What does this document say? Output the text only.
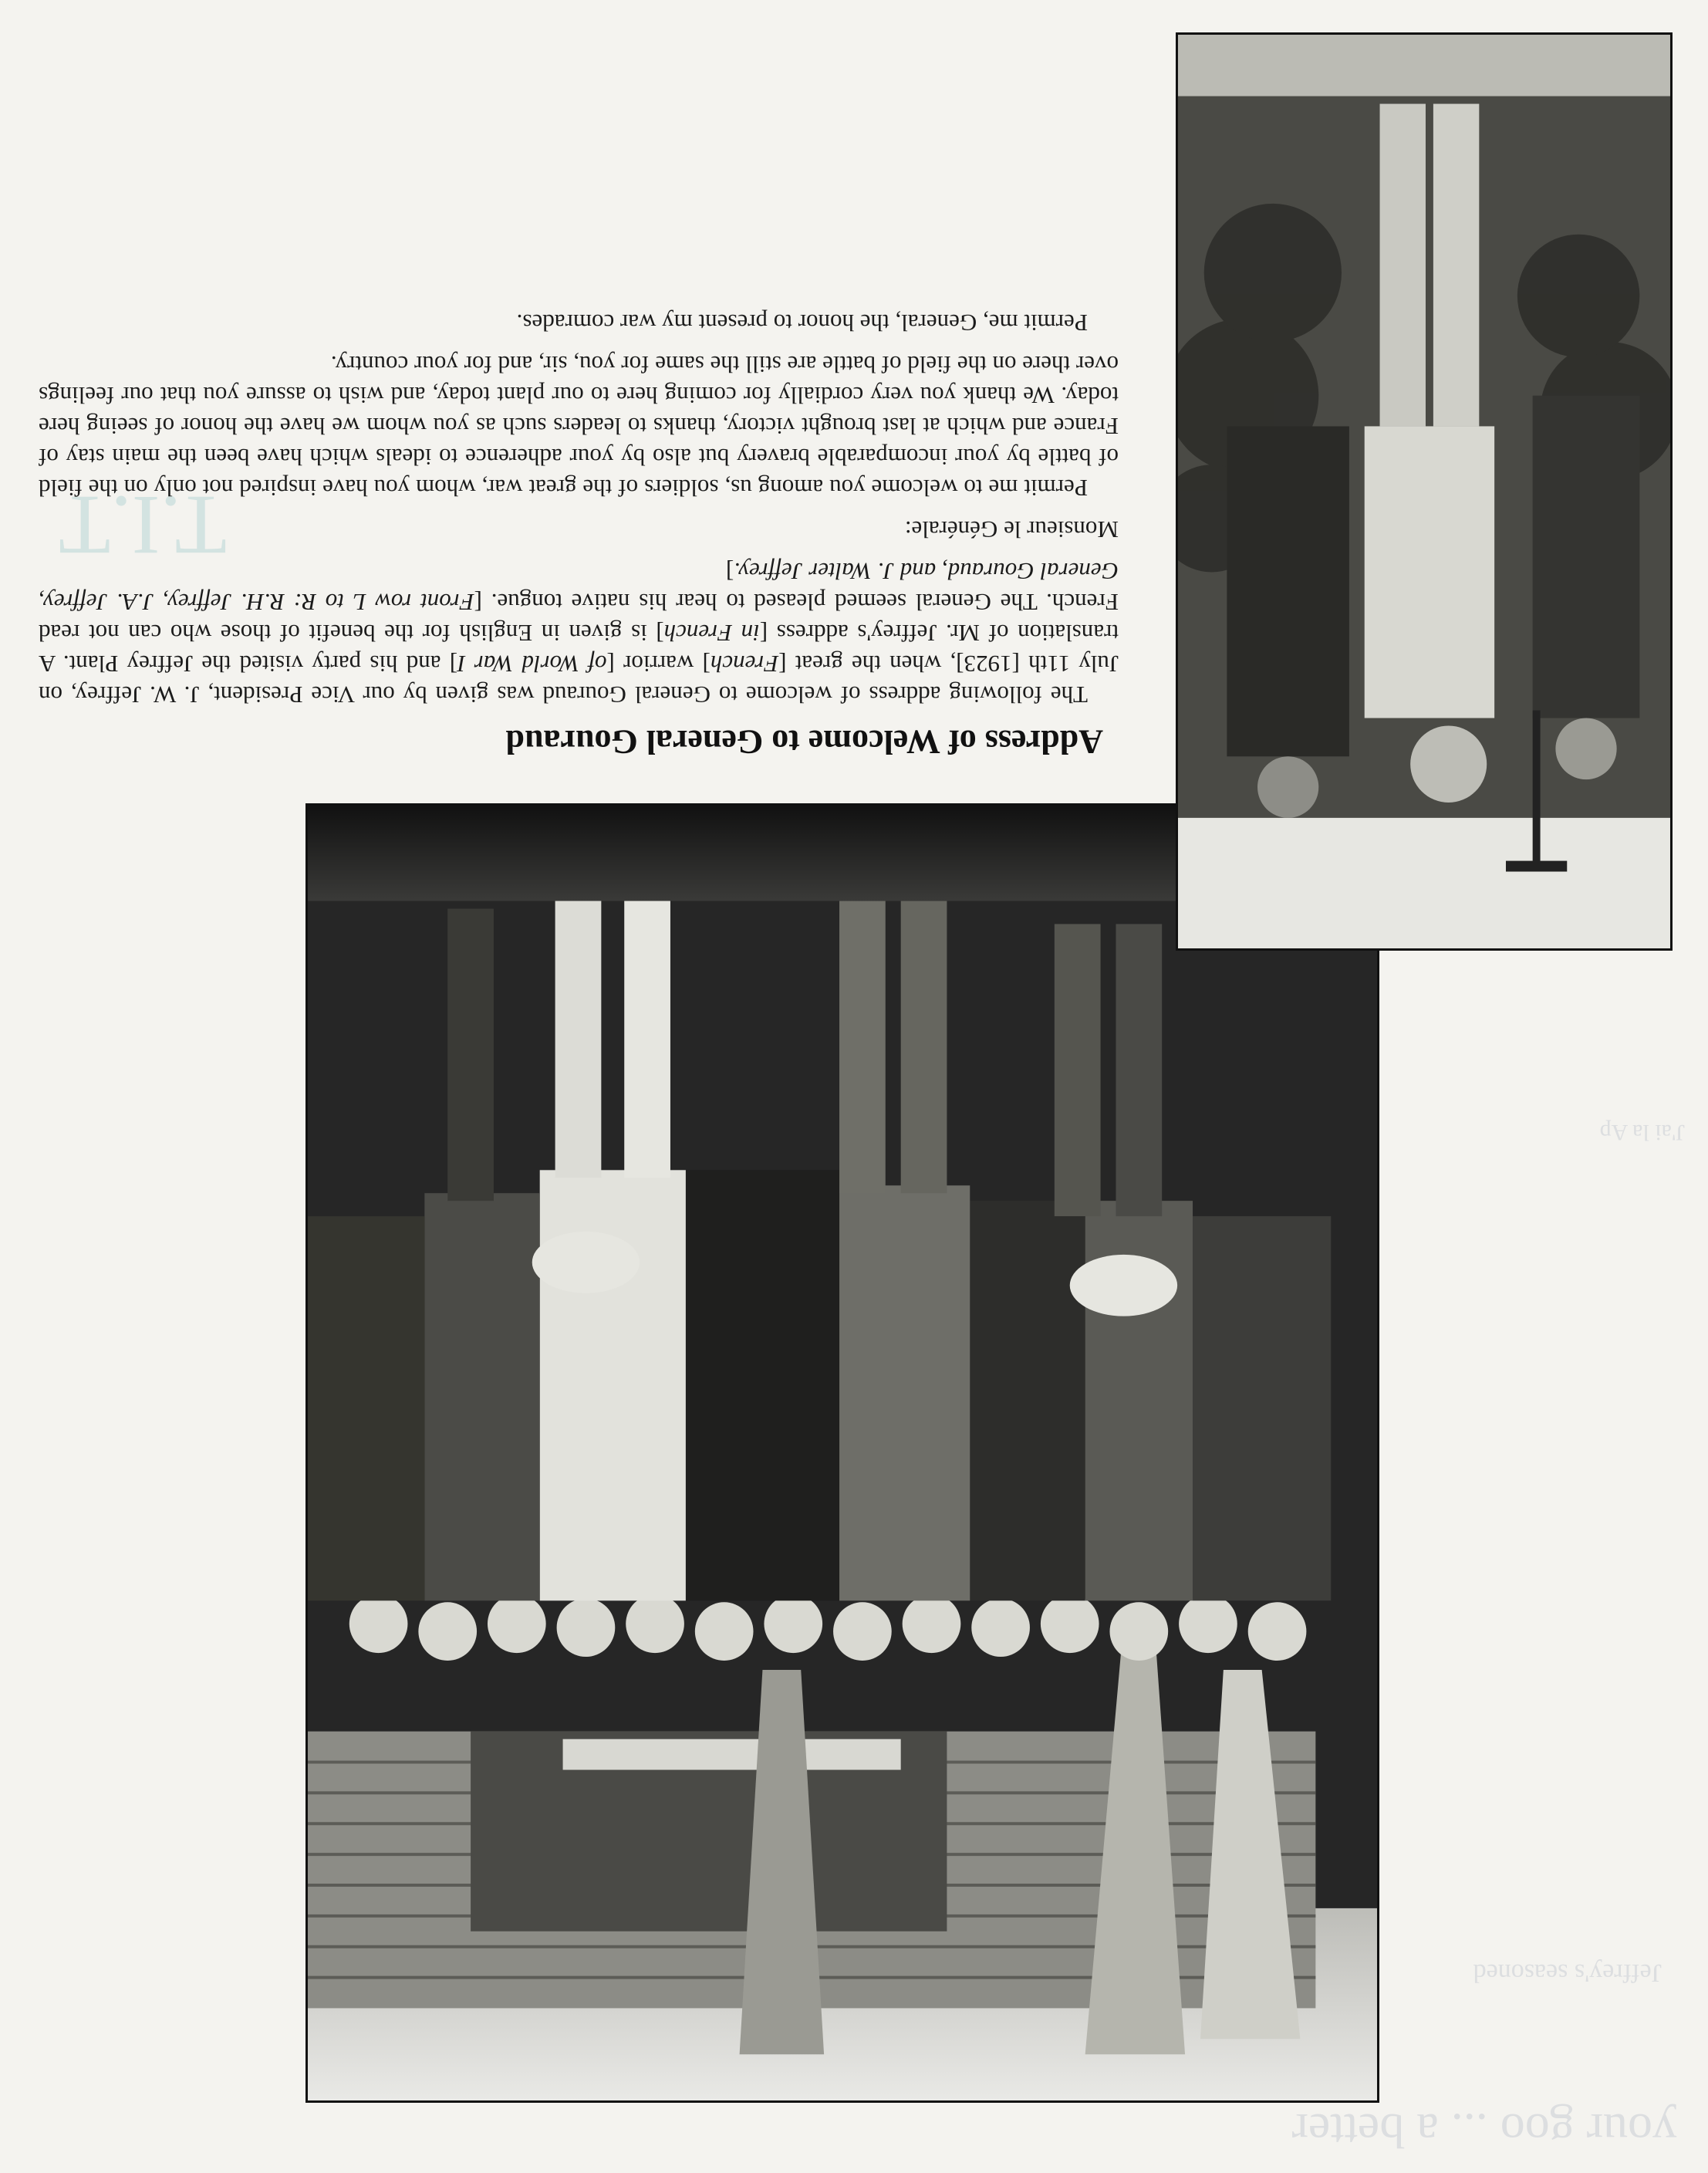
your goo ... a better
Jeffrey's seasoned
J'ai la Ap
T.I.T
Address of Welcome to General Gouraud

The following address of welcome to General Gouraud was given by our Vice President, J. W. Jeffrey, on July 11th [1923], when the great [French] warrior [of World War I] and his party visited the Jeffrey Plant. A translation of Mr. Jeffrey's address [in French] is given in English for the benefit of those who can not read French. The General seemed pleased to hear his native tongue. [Front row L to R: R.H. Jeffrey, J.A. Jeffrey, General Gouraud, and J. Walter Jeffrey.]

Monsieur le Générale:

Permit me to welcome you among us, soldiers of the great war, whom you have inspired not only on the field of battle by your incomparable bravery but also by your adherence to ideals which have been the main stay of France and which at last brought victory, thanks to leaders such as you whom we have the honor of seeing here today. We thank you very cordially for coming here to our plant today, and wish to assure you that our feelings over there on the field of battle are still the same for you, sir, and for your country.

Permit me, General, the honor to present my war comrades.
